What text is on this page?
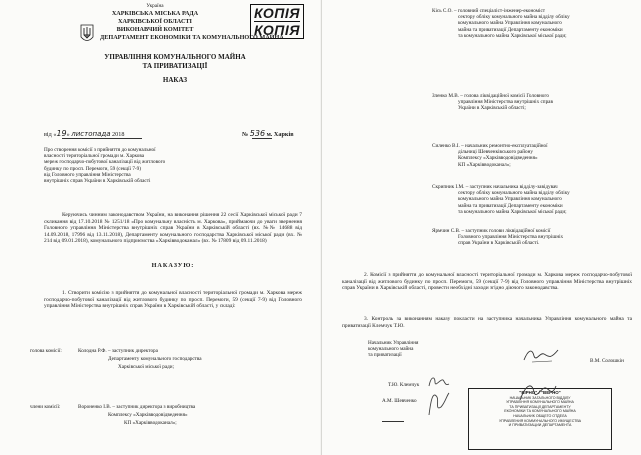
Україна
ХАРКІВСЬКА МІСЬКА РАДА
ХАРКІВСЬКОЇ ОБЛАСТІ
ВИКОНАВЧИЙ КОМІТЕТ
ДЕПАРТАМЕНТ ЕКОНОМІКИ ТА КОМУНАЛЬНОГО МАЙНА
КОПІЯ
КОПІЯ
УПРАВЛІННЯ КОМУНАЛЬНОГО МАЙНА
ТА ПРИВАТИЗАЦІЇ
НАКАЗ
від «19» листопада 2018	№ 536 м. Харків
Про створення комісії з прийняття до комунальної
власності територіальної громади м. Харкова
мереж господарчо-побутової каналізації від житлового
будинку по просп. Перемоги, 59 (секції 7-9)
від Головного управління Міністерства
внутрішніх справ України в Харківській області
Керуючись чинним законодавством України, на виконання рішення 22 сесії Харківської міської ради 7 скликання від 17.10.2018 № 1251/18 «Про комунальну власність м. Харкова», приймаючи до уваги звернення Головного управління Міністерства внутрішніх справ України в Харківській області (вх. №№ 14688 від 14.09.2018, 17996 від 13.11.2018), Департаменту комунального господарства Харківської міської ради (вх. № 214 від 09.01.2018), комунального підприємства «Харківводоканал» (вх. № 17809 від 09.11.2018)
НАКАЗУЮ:
1. Створити комісію з прийняття до комунальної власності територіальної громади м. Харкова мереж господарчо-побутової каналізації від житлового будинку по просп. Перемоги, 59 (секції 7-9) від Головного управління Міністерства внутрішніх справ України в Харківській області, у складі:
голова комісії:	Колодна Р.Ф. – заступник директора
Департаменту комунального господарства
Харківської міської ради;
члени комісії:	Вороненко І.В. – заступник директора з виробництва
Комплексу «Харківводовідведення»
КП «Харківводоканал»;
Кісь С.О. – головний спеціаліст-інженер-економіст
сектору обліку комунального майна відділу обліку
комунального майна Управління комунального
майна та приватизації Департаменту економіки
та комунального майна Харківської міської ради;
Зленко М.В. – голова ліквідаційної комісії Головного
управління Міністерства внутрішніх справ
України в Харківській області;
Силенко В.І. – начальник ремонтно-експлуатаційної
дільниці Шевченківського району
Комплексу «Харківводовідведення»
КП «Харківводоканал»;
Скрипник І.М. – заступник начальника відділу-завідувач
сектору обліку комунального майна відділу обліку
комунального майна Управління комунального
майна та приватизації Департаменту економіки
та комунального майна Харківської міської ради;
Ярмчин С.В. – заступник голови ліквідаційної комісії
Головного управління Міністерства внутрішніх
справ України в Харківській області.
2. Комісії з прийняття до комунальної власності територіальної громади м. Харкова мереж господарчо-побутової каналізації від житлового будинку по просп. Перемоги, 59 (секції 7-9) від Головного управління Міністерства внутрішніх справ України в Харківській області, провести необхідні заходи згідно діючого законодавства.
3. Контроль за виконанням наказу покласти на заступника начальника Управління комунального майна та приватизації Клемчук Т.Ю.
Начальник Управління
комунального майна
та приватизації
В.М. Солошкін
Т.Ю. Клемчук
А.М. Шевченко
"ВІРНО" / "ВЕРНО"
НАЧАЛЬНИК ЗАГАЛЬНОГО ВІДДІЛУ
УПРАВЛІННЯ КОМУНАЛЬНОГО МАЙНА
ТА ПРИВАТИЗАЦІЇ ДЕПАРТАМЕНТУ
ЕКОНОМІКИ ТА КОМУНАЛЬНОГО МАЙНА
НАЧАЛЬНИК ОБЩЕГО ОТДЕЛА
УПРАВЛЕНИЯ КОММУНАЛЬНОГО ИМУЩЕСТВА
И ПРИВАТИЗАЦИИ ДЕПАРТАМЕНТА
